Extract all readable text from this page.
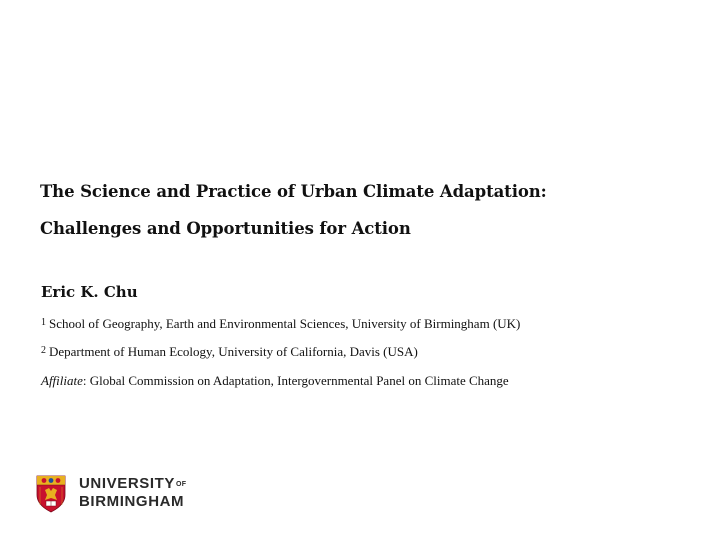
The Science and Practice of Urban Climate Adaptation:

Challenges and Opportunities for Action

Eric K. Chu

$^1$ School of Geography, Earth and Environmental Sciences, University of Birmingham (UK)

$^2$ Department of Human Ecology, University of California, Davis (USA)

Affiliate: Global Commission on Adaptation, Intergovernmental Panel on Climate Change

$UNIVERSITY^{OF}$
BIRMINGHAM
